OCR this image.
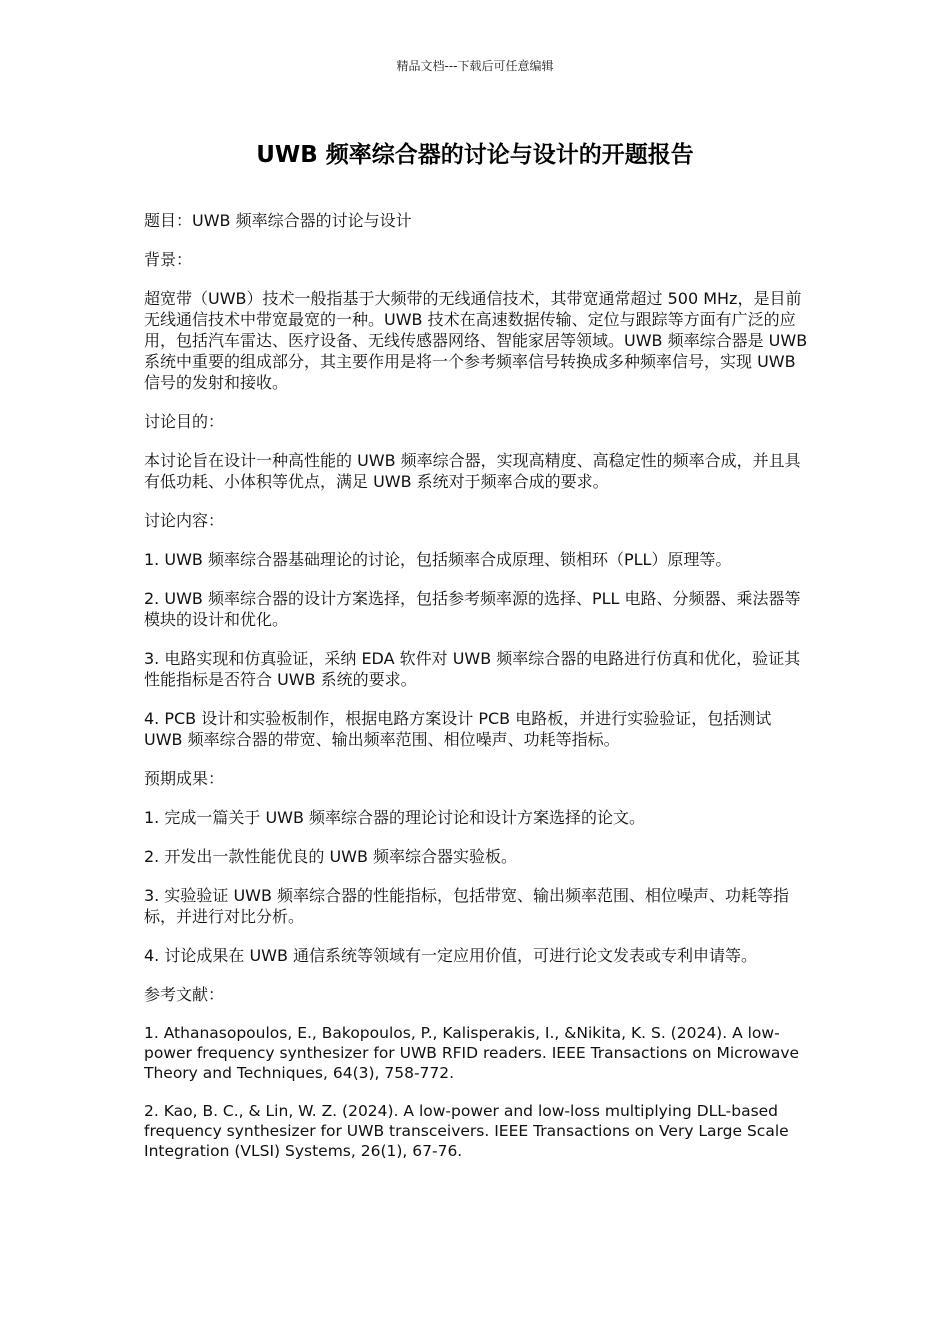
精品文档---下载后可任意编辑
UWB 频率综合器的讨论与设计的开题报告

题目：UWB 频率综合器的讨论与设计

背景：

超宽带（UWB）技术一般指基于大频带的无线通信技术，其带宽通常超过 500 MHz，是目前无线通信技术中带宽最宽的一种。UWB 技术在高速数据传输、定位与跟踪等方面有广泛的应用，包括汽车雷达、医疗设备、无线传感器网络、智能家居等领域。UWB 频率综合器是 UWB 系统中重要的组成部分，其主要作用是将一个参考频率信号转换成多种频率信号，实现 UWB 信号的发射和接收。

讨论目的：

本讨论旨在设计一种高性能的 UWB 频率综合器，实现高精度、高稳定性的频率合成，并且具有低功耗、小体积等优点，满足 UWB 系统对于频率合成的要求。

讨论内容：

1. UWB 频率综合器基础理论的讨论，包括频率合成原理、锁相环（PLL）原理等。

2. UWB 频率综合器的设计方案选择，包括参考频率源的选择、PLL 电路、分频器、乘法器等模块的设计和优化。

3. 电路实现和仿真验证，采纳 EDA 软件对 UWB 频率综合器的电路进行仿真和优化，验证其性能指标是否符合 UWB 系统的要求。

4. PCB 设计和实验板制作，根据电路方案设计 PCB 电路板，并进行实验验证，包括测试 UWB 频率综合器的带宽、输出频率范围、相位噪声、功耗等指标。

预期成果：

1. 完成一篇关于 UWB 频率综合器的理论讨论和设计方案选择的论文。

2. 开发出一款性能优良的 UWB 频率综合器实验板。

3. 实验验证 UWB 频率综合器的性能指标，包括带宽、输出频率范围、相位噪声、功耗等指标，并进行对比分析。

4. 讨论成果在 UWB 通信系统等领域有一定应用价值，可进行论文发表或专利申请等。

参考文献：

1. Athanasopoulos, E., Bakopoulos, P., Kalisperakis, I., &Nikita, K. S. (2024). A low-power frequency synthesizer for UWB RFID readers. IEEE Transactions on Microwave Theory and Techniques, 64(3), 758-772.

2. Kao, B. C., & Lin, W. Z. (2024). A low-power and low-loss multiplying DLL-based frequency synthesizer for UWB transceivers. IEEE Transactions on Very Large Scale Integration (VLSI) Systems, 26(1), 67-76.
